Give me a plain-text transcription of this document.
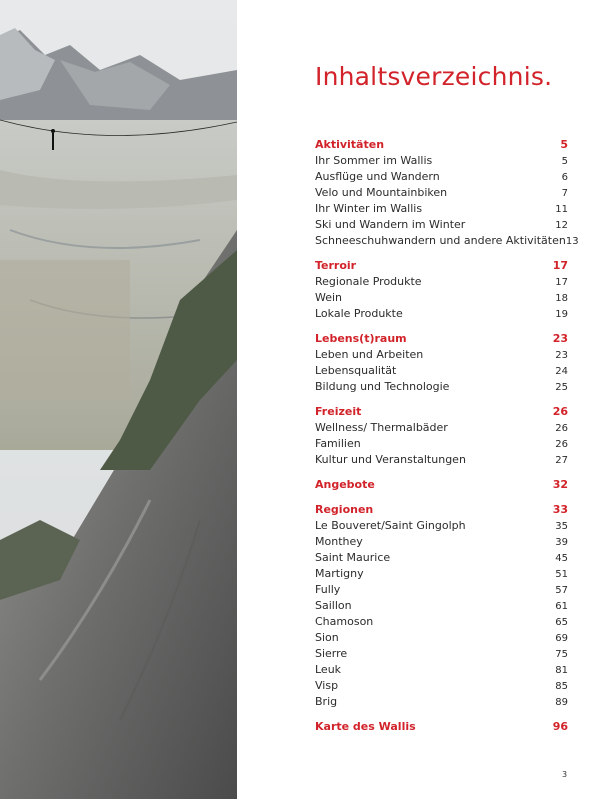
Inhaltsverzeichnis.
Aktivitäten	5
Ihr Sommer im Wallis	5
Ausflüge und Wandern	6
Velo und Mountainbiken	7
Ihr Winter im Wallis	11
Ski und Wandern im Winter	12
Schneeschuhwandern und andere Aktivitäten 13
Terroir	17
Regionale Produkte	17
Wein	18
Lokale Produkte	19
Lebens(t)raum	23
Leben und Arbeiten	23
Lebensqualität	24
Bildung und Technologie	25
Freizeit	26
Wellness/ Thermalbäder	26
Familien	26
Kultur und Veranstaltungen	27
Angebote	32
Regionen	33
Le Bouveret/Saint Gingolph	35
Monthey	39
Saint Maurice	45
Martigny	51
Fully	57
Saillon	61
Chamoson	65
Sion	69
Sierre	75
Leuk	81
Visp	85
Brig	89
Karte des Wallis	96
3
